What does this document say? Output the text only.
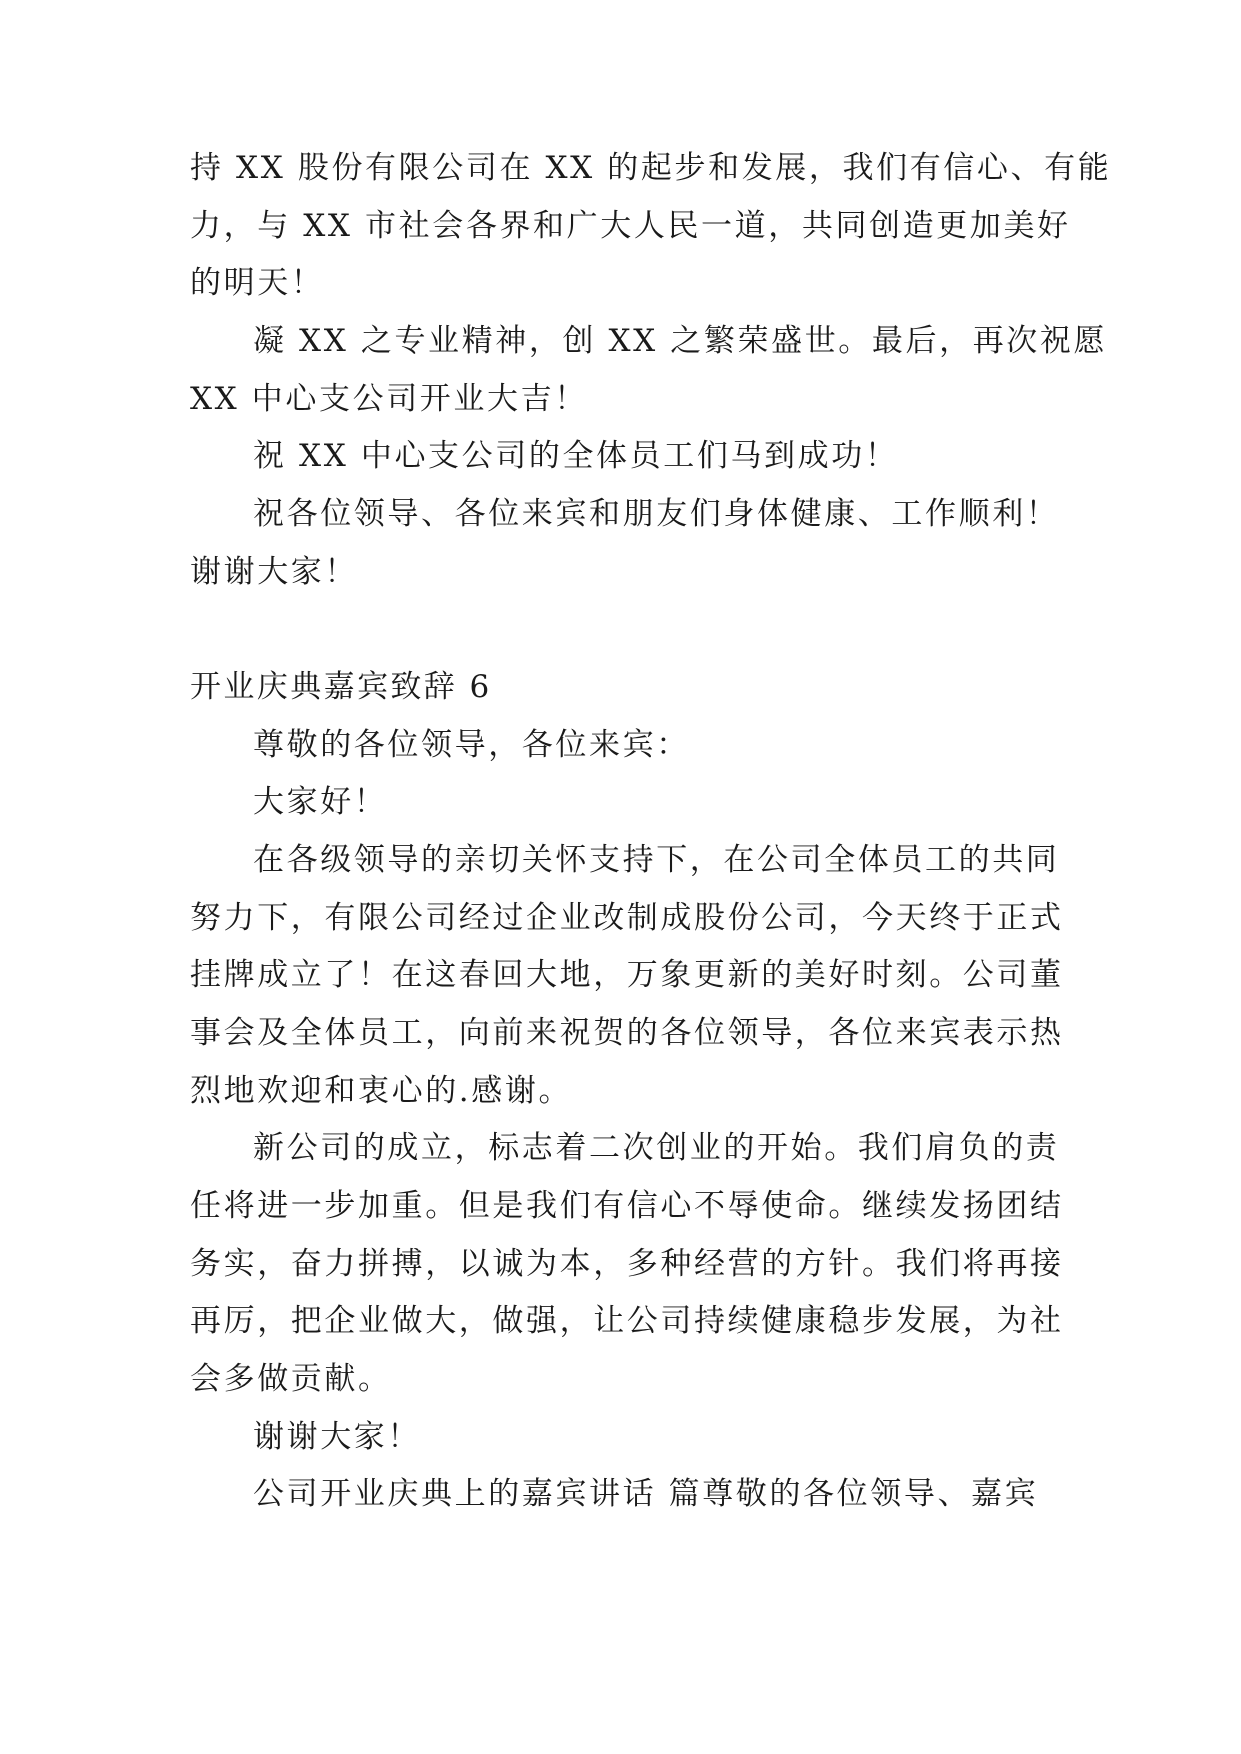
持 XX 股份有限公司在 XX 的起步和发展，我们有信心、有能
力，与 XX 市社会各界和广大人民一道，共同创造更加美好
的明天！
凝 XX 之专业精神，创 XX 之繁荣盛世。最后，再次祝愿
XX 中心支公司开业大吉！
祝 XX 中心支公司的全体员工们马到成功！
祝各位领导、各位来宾和朋友们身体健康、工作顺利！
谢谢大家！
开业庆典嘉宾致辞 6
尊敬的各位领导，各位来宾：
大家好！
在各级领导的亲切关怀支持下，在公司全体员工的共同
努力下，有限公司经过企业改制成股份公司，今天终于正式
挂牌成立了！在这春回大地，万象更新的美好时刻。公司董
事会及全体员工，向前来祝贺的各位领导，各位来宾表示热
烈地欢迎和衷心的.感谢。
新公司的成立，标志着二次创业的开始。我们肩负的责
任将进一步加重。但是我们有信心不辱使命。继续发扬团结
务实，奋力拼搏，以诚为本，多种经营的方针。我们将再接
再厉，把企业做大，做强，让公司持续健康稳步发展，为社
会多做贡献。
谢谢大家！
公司开业庆典上的嘉宾讲话 篇尊敬的各位领导、嘉宾
